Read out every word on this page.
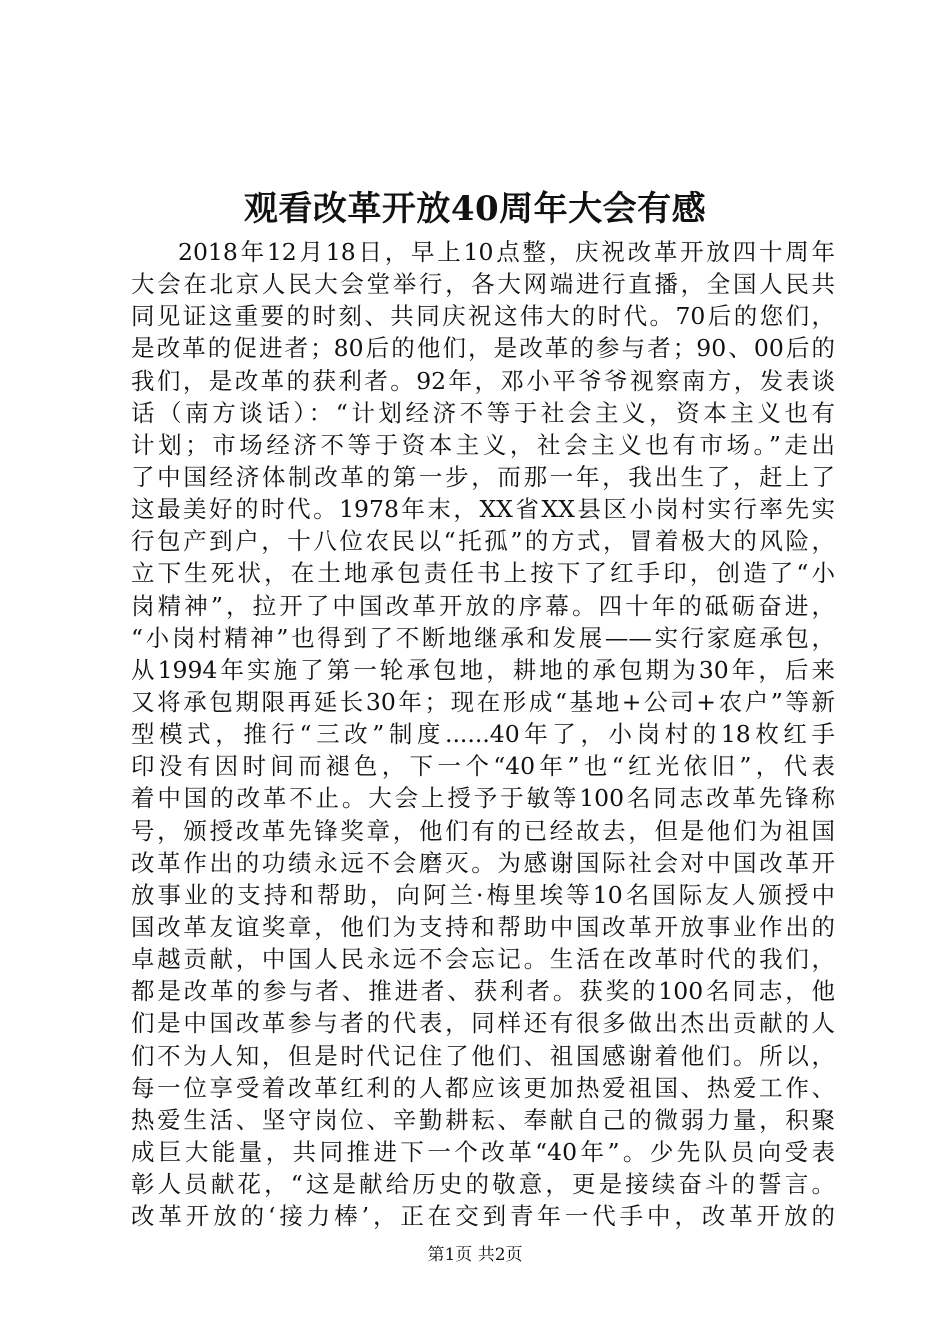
观看改革开放40周年大会有感
2018年12月18日，早上10点整，庆祝改革开放四十周年
大会在北京人民大会堂举行，各大网端进行直播，全国人民共
同见证这重要的时刻、共同庆祝这伟大的时代。70后的您们，
是改革的促进者；80后的他们，是改革的参与者；90、00后的
我们，是改革的获利者。92年，邓小平爷爷视察南方，发表谈
话（南方谈话）：“计划经济不等于社会主义，资本主义也有
计划；市场经济不等于资本主义，社会主义也有市场。”走出
了中国经济体制改革的第一步，而那一年，我出生了，赶上了
这最美好的时代。1978年末，XX省XX县区小岗村实行率先实
行包产到户，十八位农民以“托孤”的方式，冒着极大的风险，
立下生死状，在土地承包责任书上按下了红手印，创造了“小
岗精神”，拉开了中国改革开放的序幕。四十年的砥砺奋进，
“小岗村精神”也得到了不断地继承和发展——实行家庭承包，
从1994年实施了第一轮承包地，耕地的承包期为30年，后来
又将承包期限再延长30年；现在形成“基地+公司+农户”等新
型模式，推行“三改”制度......40年了，小岗村的18枚红手
印没有因时间而褪色，下一个“40年”也“红光依旧”，代表
着中国的改革不止。大会上授予于敏等100名同志改革先锋称
号，颁授改革先锋奖章，他们有的已经故去，但是他们为祖国
改革作出的功绩永远不会磨灭。为感谢国际社会对中国改革开
放事业的支持和帮助，向阿兰·梅里埃等10名国际友人颁授中
国改革友谊奖章，他们为支持和帮助中国改革开放事业作出的
卓越贡献，中国人民永远不会忘记。生活在改革时代的我们，
都是改革的参与者、推进者、获利者。获奖的100名同志，他
们是中国改革参与者的代表，同样还有很多做出杰出贡献的人
们不为人知，但是时代记住了他们、祖国感谢着他们。所以，
每一位享受着改革红利的人都应该更加热爱祖国、热爱工作、
热爱生活、坚守岗位、辛勤耕耘、奉献自己的微弱力量，积聚
成巨大能量，共同推进下一个改革“40年”。少先队员向受表
彰人员献花，“这是献给历史的敬意，更是接续奋斗的誓言。
改革开放的‘接力棒’，正在交到青年一代手中，改革开放的
第1页 共2页
